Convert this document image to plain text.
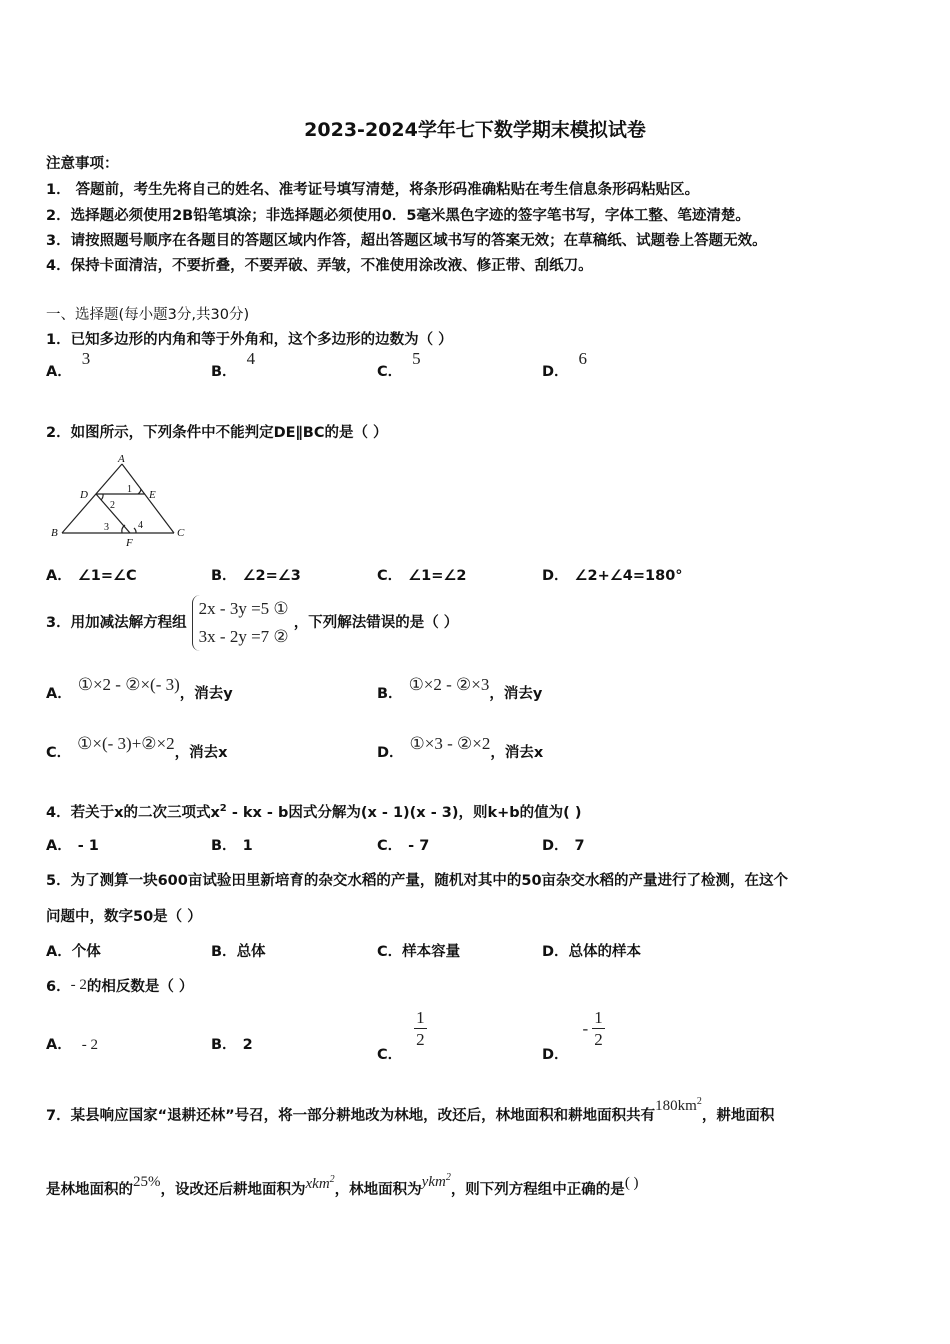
2023-2024学年七下数学期末模拟试卷
注意事项：
1． 答题前，考生先将自己的姓名、准考证号填写清楚，将条形码准确粘贴在考生信息条形码粘贴区。
2．选择题必须使用2B铅笔填涂；非选择题必须使用0．5毫米黑色字迹的签字笔书写，字体工整、笔迹清楚。
3．请按照题号顺序在各题目的答题区域内作答，超出答题区域书写的答案无效；在草稿纸、试题卷上答题无效。
4．保持卡面清洁，不要折叠，不要弄破、弄皱，不准使用涂改液、修正带、刮纸刀。
一、选择题(每小题3分,共30分)
1．已知多边形的内角和等于外角和，这个多边形的边数为（ ）
A．3
B．4
C．5
D．6
2．如图所示，下列条件中不能判定DE∥BC的是（ ）
A
B	C
D	E
F
1
2
3	4
A． ∠1=∠C	B． ∠2=∠3	C． ∠1=∠2	D． ∠2+∠4=180°
3．用加减法解方程组
2x - 3y =5 ①
3x - 2y =7 ②
，下列解法错误的是（ ）
A． ①×2 - ②×(- 3)，消去y	B． ①×2 - ②×3，消去y
C． ①×(- 3)+②×2，消去x	D． ①×3 - ②×2，消去x
4．若关于x的二次三项式$x^2$ - kx - b因式分解为(x - 1)(x - 3)，则k+b的值为( )
A． - 1	B． 1	C． - 7	D． 7
5．为了测算一块600亩试验田里新培育的杂交水稻的产量，随机对其中的50亩杂交水稻的产量进行了检测，在这个
问题中，数字50是（ ）
A．个体	B．总体	C．样本容量	D．总体的样本
6．- 2的相反数是（ ）
A． - 2	B． 2
C．
$\frac{1}{2}$
D．- $\frac{1}{2}$
7．某县响应国家“退耕还林”号召，将一部分耕地改为林地，改还后，林地面积和耕地面积共有$180km^2$，耕地面积
是林地面积的25%，设改还后耕地面积为xkm$^2$，林地面积为ykm$^2$，则下列方程组中正确的是( )
